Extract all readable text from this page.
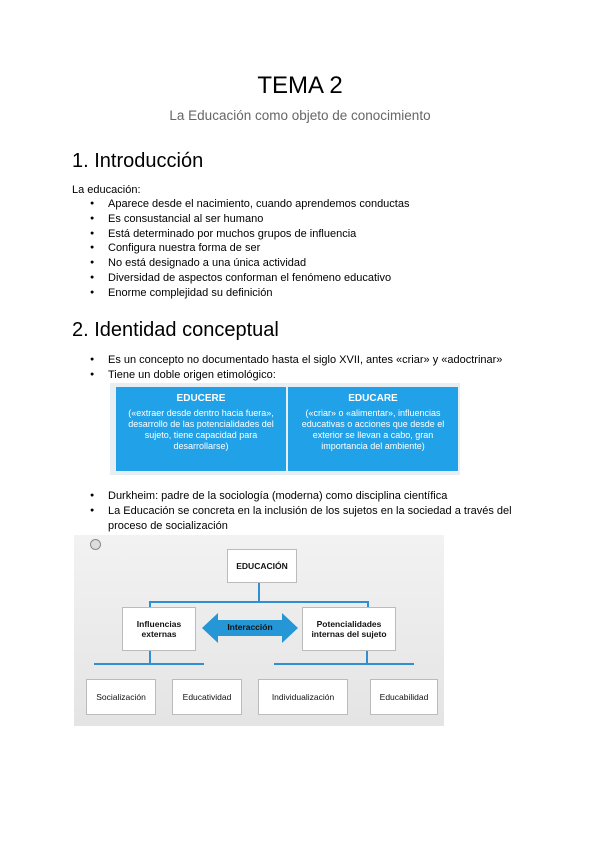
TEMA 2
La Educación como objeto de conocimiento
1. Introducción
La educación:
● Aparece desde el nacimiento, cuando aprendemos conductas
● Es consustancial al ser humano
● Está determinado por muchos grupos de influencia
● Configura nuestra forma de ser
● No está designado a una única actividad
● Diversidad de aspectos conforman el fenómeno educativo
● Enorme complejidad su definición
2. Identidad conceptual
● Es un concepto no documentado hasta el siglo XVII, antes «criar» y «adoctrinar»
● Tiene un doble origen etimológico:
EDUCERE
(«extraer desde dentro hacia fuera», desarrollo de las potencialidades del sujeto, tiene capacidad para desarrollarse)
EDUCARE
(«criar» o «alimentar», influencias educativas o acciones que desde el exterior se llevan a cabo, gran importancia del ambiente)
● Durkheim: padre de la sociología (moderna) como disciplina científica
● La Educación se concreta en la inclusión de los sujetos en la sociedad a través del proceso de socialización
EDUCACIÓN
Influencias externas
Interacción	Potencialidades internas del sujeto
Socialización	Educatividad	Individualización	Educabilidad
